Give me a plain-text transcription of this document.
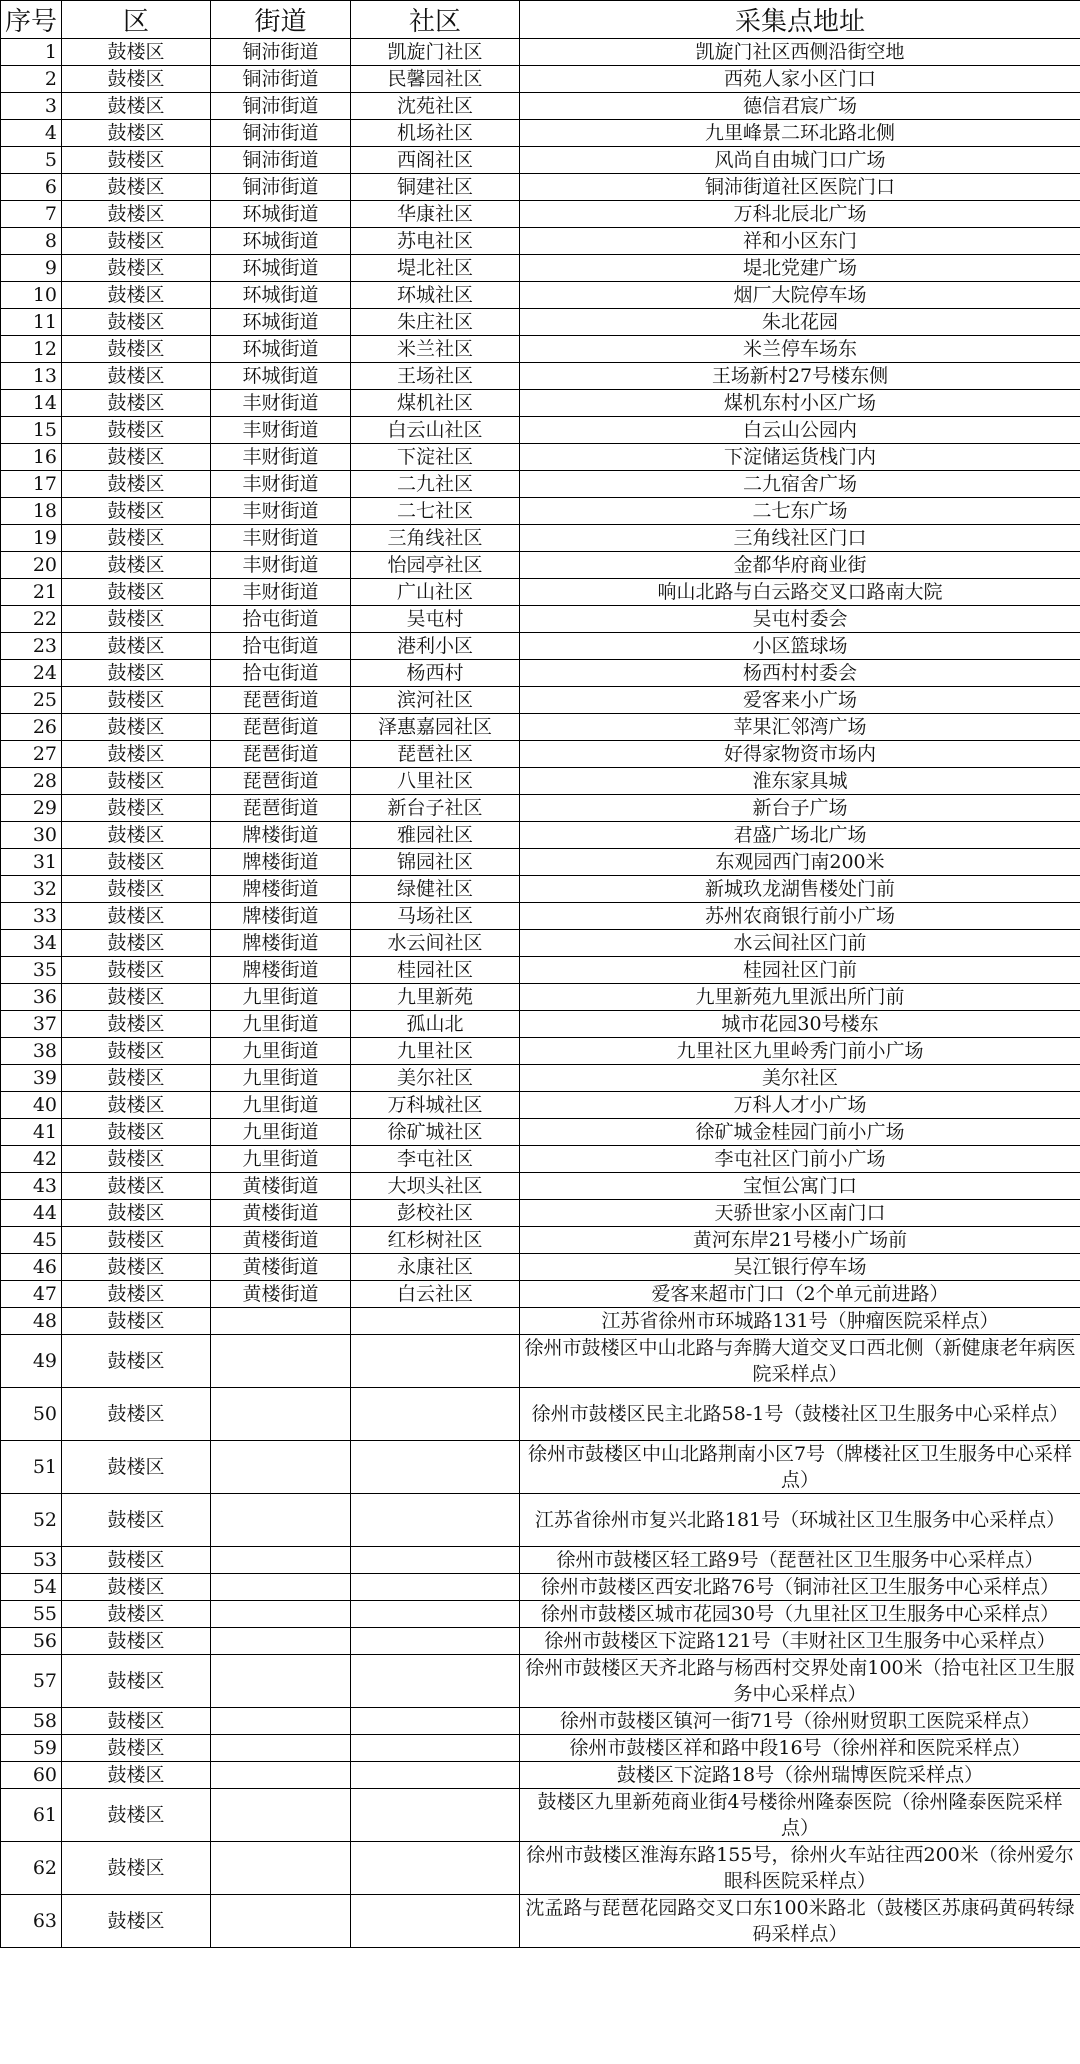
序号	区	街道	社区	采集点地址
1	鼓楼区	铜沛街道	凯旋门社区	凯旋门社区西侧沿街空地
2	鼓楼区	铜沛街道	民馨园社区	西苑人家小区门口
3	鼓楼区	铜沛街道	沈苑社区	德信君宸广场
4	鼓楼区	铜沛街道	机场社区	九里峰景二环北路北侧
5	鼓楼区	铜沛街道	西阁社区	风尚自由城门口广场
6	鼓楼区	铜沛街道	铜建社区	铜沛街道社区医院门口
7	鼓楼区	环城街道	华康社区	万科北辰北广场
8	鼓楼区	环城街道	苏电社区	祥和小区东门
9	鼓楼区	环城街道	堤北社区	堤北党建广场
10	鼓楼区	环城街道	环城社区	烟厂大院停车场
11	鼓楼区	环城街道	朱庄社区	朱北花园
12	鼓楼区	环城街道	米兰社区	米兰停车场东
13	鼓楼区	环城街道	王场社区	王场新村27号楼东侧
14	鼓楼区	丰财街道	煤机社区	煤机东村小区广场
15	鼓楼区	丰财街道	白云山社区	白云山公园内
16	鼓楼区	丰财街道	下淀社区	下淀储运货栈门内
17	鼓楼区	丰财街道	二九社区	二九宿舍广场
18	鼓楼区	丰财街道	二七社区	二七东广场
19	鼓楼区	丰财街道	三角线社区	三角线社区门口
20	鼓楼区	丰财街道	怡园亭社区	金都华府商业街
21	鼓楼区	丰财街道	广山社区	响山北路与白云路交叉口路南大院
22	鼓楼区	拾屯街道	吴屯村	吴屯村委会
23	鼓楼区	拾屯街道	港利小区	小区篮球场
24	鼓楼区	拾屯街道	杨西村	杨西村村委会
25	鼓楼区	琵琶街道	滨河社区	爱客来小广场
26	鼓楼区	琵琶街道	泽惠嘉园社区	苹果汇邻湾广场
27	鼓楼区	琵琶街道	琵琶社区	好得家物资市场内
28	鼓楼区	琵琶街道	八里社区	淮东家具城
29	鼓楼区	琵琶街道	新台子社区	新台子广场
30	鼓楼区	牌楼街道	雅园社区	君盛广场北广场
31	鼓楼区	牌楼街道	锦园社区	东观园西门南200米
32	鼓楼区	牌楼街道	绿健社区	新城玖龙湖售楼处门前
33	鼓楼区	牌楼街道	马场社区	苏州农商银行前小广场
34	鼓楼区	牌楼街道	水云间社区	水云间社区门前
35	鼓楼区	牌楼街道	桂园社区	桂园社区门前
36	鼓楼区	九里街道	九里新苑	九里新苑九里派出所门前
37	鼓楼区	九里街道	孤山北	城市花园30号楼东
38	鼓楼区	九里街道	九里社区	九里社区九里岭秀门前小广场
39	鼓楼区	九里街道	美尔社区	美尔社区
40	鼓楼区	九里街道	万科城社区	万科人才小广场
41	鼓楼区	九里街道	徐矿城社区	徐矿城金桂园门前小广场
42	鼓楼区	九里街道	李屯社区	李屯社区门前小广场
43	鼓楼区	黄楼街道	大坝头社区	宝恒公寓门口
44	鼓楼区	黄楼街道	彭校社区	天骄世家小区南门口
45	鼓楼区	黄楼街道	红杉树社区	黄河东岸21号楼小广场前
46	鼓楼区	黄楼街道	永康社区	吴江银行停车场
47	鼓楼区	黄楼街道	白云社区	爱客来超市门口（2个单元前进路）
48	鼓楼区			江苏省徐州市环城路131号（肿瘤医院采样点）
49	鼓楼区			徐州市鼓楼区中山北路与奔腾大道交叉口西北侧（新健康老年病医院采样点）
50	鼓楼区			徐州市鼓楼区民主北路58-1号（鼓楼社区卫生服务中心采样点）
51	鼓楼区			徐州市鼓楼区中山北路荆南小区7号（牌楼社区卫生服务中心采样点）
52	鼓楼区			江苏省徐州市复兴北路181号（环城社区卫生服务中心采样点）
53	鼓楼区			徐州市鼓楼区轻工路9号（琵琶社区卫生服务中心采样点）
54	鼓楼区			徐州市鼓楼区西安北路76号（铜沛社区卫生服务中心采样点）
55	鼓楼区			徐州市鼓楼区城市花园30号（九里社区卫生服务中心采样点）
56	鼓楼区			徐州市鼓楼区下淀路121号（丰财社区卫生服务中心采样点）
57	鼓楼区			徐州市鼓楼区天齐北路与杨西村交界处南100米（拾屯社区卫生服务中心采样点）
58	鼓楼区			徐州市鼓楼区镇河一街71号（徐州财贸职工医院采样点）
59	鼓楼区			徐州市鼓楼区祥和路中段16号（徐州祥和医院采样点）
60	鼓楼区			鼓楼区下淀路18号（徐州瑞博医院采样点）
61	鼓楼区			鼓楼区九里新苑商业街4号楼徐州隆泰医院（徐州隆泰医院采样点）
62	鼓楼区			徐州市鼓楼区淮海东路155号，徐州火车站往西200米（徐州爱尔眼科医院采样点）
63	鼓楼区			沈孟路与琵琶花园路交叉口东100米路北（鼓楼区苏康码黄码转绿码采样点）
